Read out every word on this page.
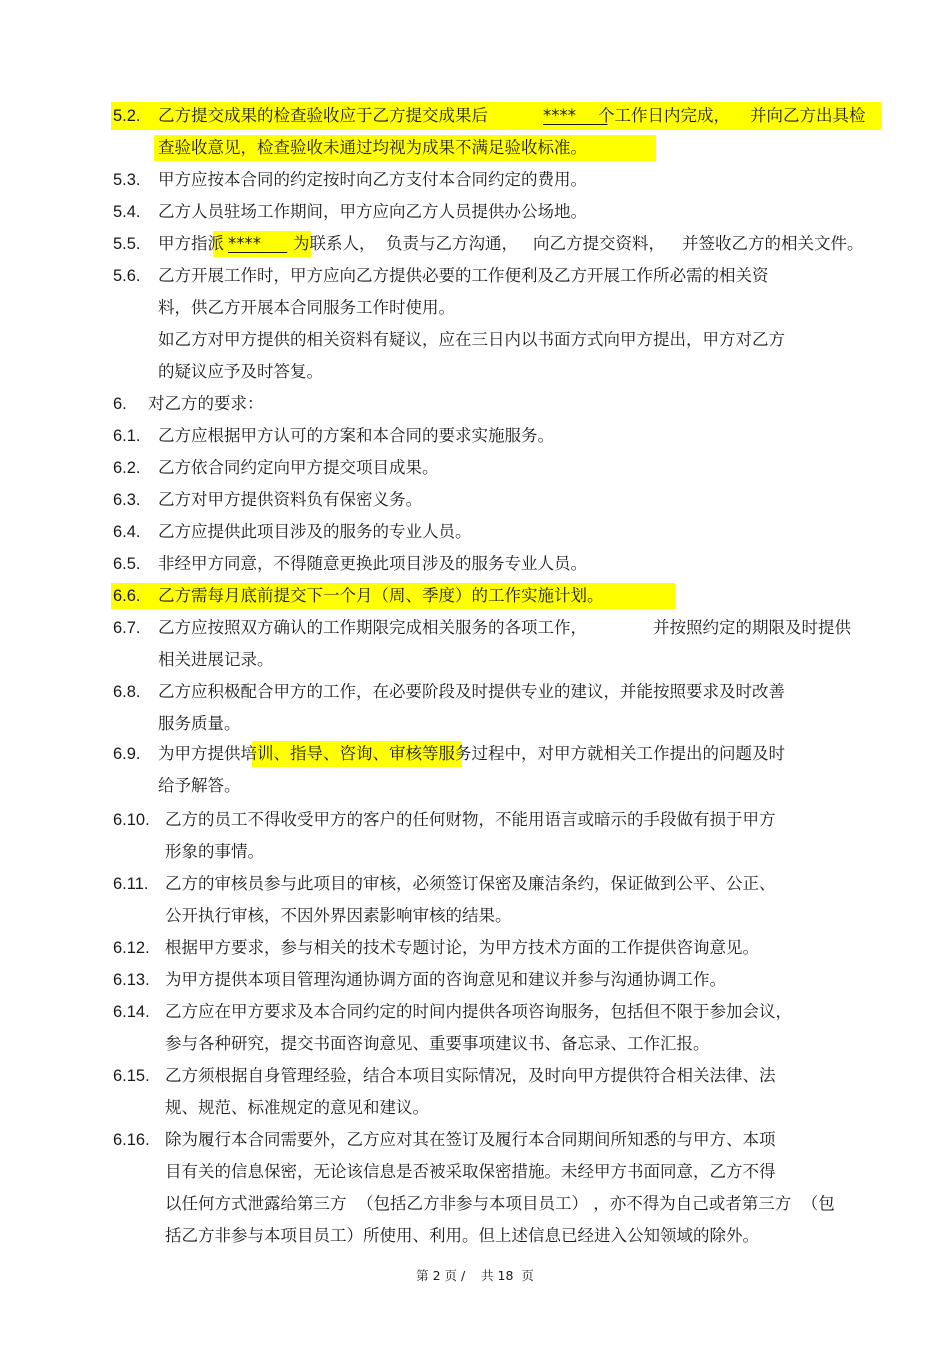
5.2. 乙方提交成果的检查验收应于乙方提交成果后	****	个工作日内完成， 并向乙方出具检
查验收意见，检查验收未通过均视为成果不满足验收标准。
5.3. 甲方应按本合同的约定按时向乙方支付本合同约定的费用。
5.4. 乙方人员驻场工作期间，甲方应向乙方人员提供办公场地。
5.5. 甲方指派 ****	为联系人， 负责与乙方沟通， 向乙方提交资料， 并签收乙方的相关文件。
5.6. 乙方开展工作时，甲方应向乙方提供必要的工作便利及乙方开展工作所必需的相关资
料，供乙方开展本合同服务工作时使用。
如乙方对甲方提供的相关资料有疑议，应在三日内以书面方式向甲方提出，甲方对乙方
的疑议应予及时答复。
6. 对乙方的要求：
6.1. 乙方应根据甲方认可的方案和本合同的要求实施服务。
6.2. 乙方依合同约定向甲方提交项目成果。
6.3. 乙方对甲方提供资料负有保密义务。
6.4. 乙方应提供此项目涉及的服务的专业人员。
6.5. 非经甲方同意，不得随意更换此项目涉及的服务专业人员。
6.6. 乙方需每月底前提交下一个月（周、季度）的工作实施计划。
6.7. 乙方应按照双方确认的工作期限完成相关服务的各项工作，	并按照约定的期限及时提供
相关进展记录。
6.8. 乙方应积极配合甲方的工作，在必要阶段及时提供专业的建议，并能按照要求及时改善
服务质量。
6.9. 为甲方提供培训、指导、咨询、审核等服务过程中，对甲方就相关工作提出的问题及时
给予解答。
6.10. 乙方的员工不得收受甲方的客户的任何财物，不能用语言或暗示的手段做有损于甲方
形象的事情。
6.11. 乙方的审核员参与此项目的审核，必须签订保密及廉洁条约，保证做到公平、公正、
公开执行审核，不因外界因素影响审核的结果。
6.12. 根据甲方要求，参与相关的技术专题讨论，为甲方技术方面的工作提供咨询意见。
6.13. 为甲方提供本项目管理沟通协调方面的咨询意见和建议并参与沟通协调工作。
6.14. 乙方应在甲方要求及本合同约定的时间内提供各项咨询服务，包括但不限于参加会议，
参与各种研究，提交书面咨询意见、重要事项建议书、备忘录、工作汇报。
6.15. 乙方须根据自身管理经验，结合本项目实际情况，及时向甲方提供符合相关法律、法
规、规范、标准规定的意见和建议。
6.16. 除为履行本合同需要外，乙方应对其在签订及履行本合同期间所知悉的与甲方、本项
目有关的信息保密，无论该信息是否被采取保密措施。未经甲方书面同意，乙方不得
以任何方式泄露给第三方  （包括乙方非参与本项目员工） ，亦不得为自己或者第三方  （包
括乙方非参与本项目员工）所使用、利用。但上述信息已经进入公知领域的除外。
第 2 页 /    共 18  页
